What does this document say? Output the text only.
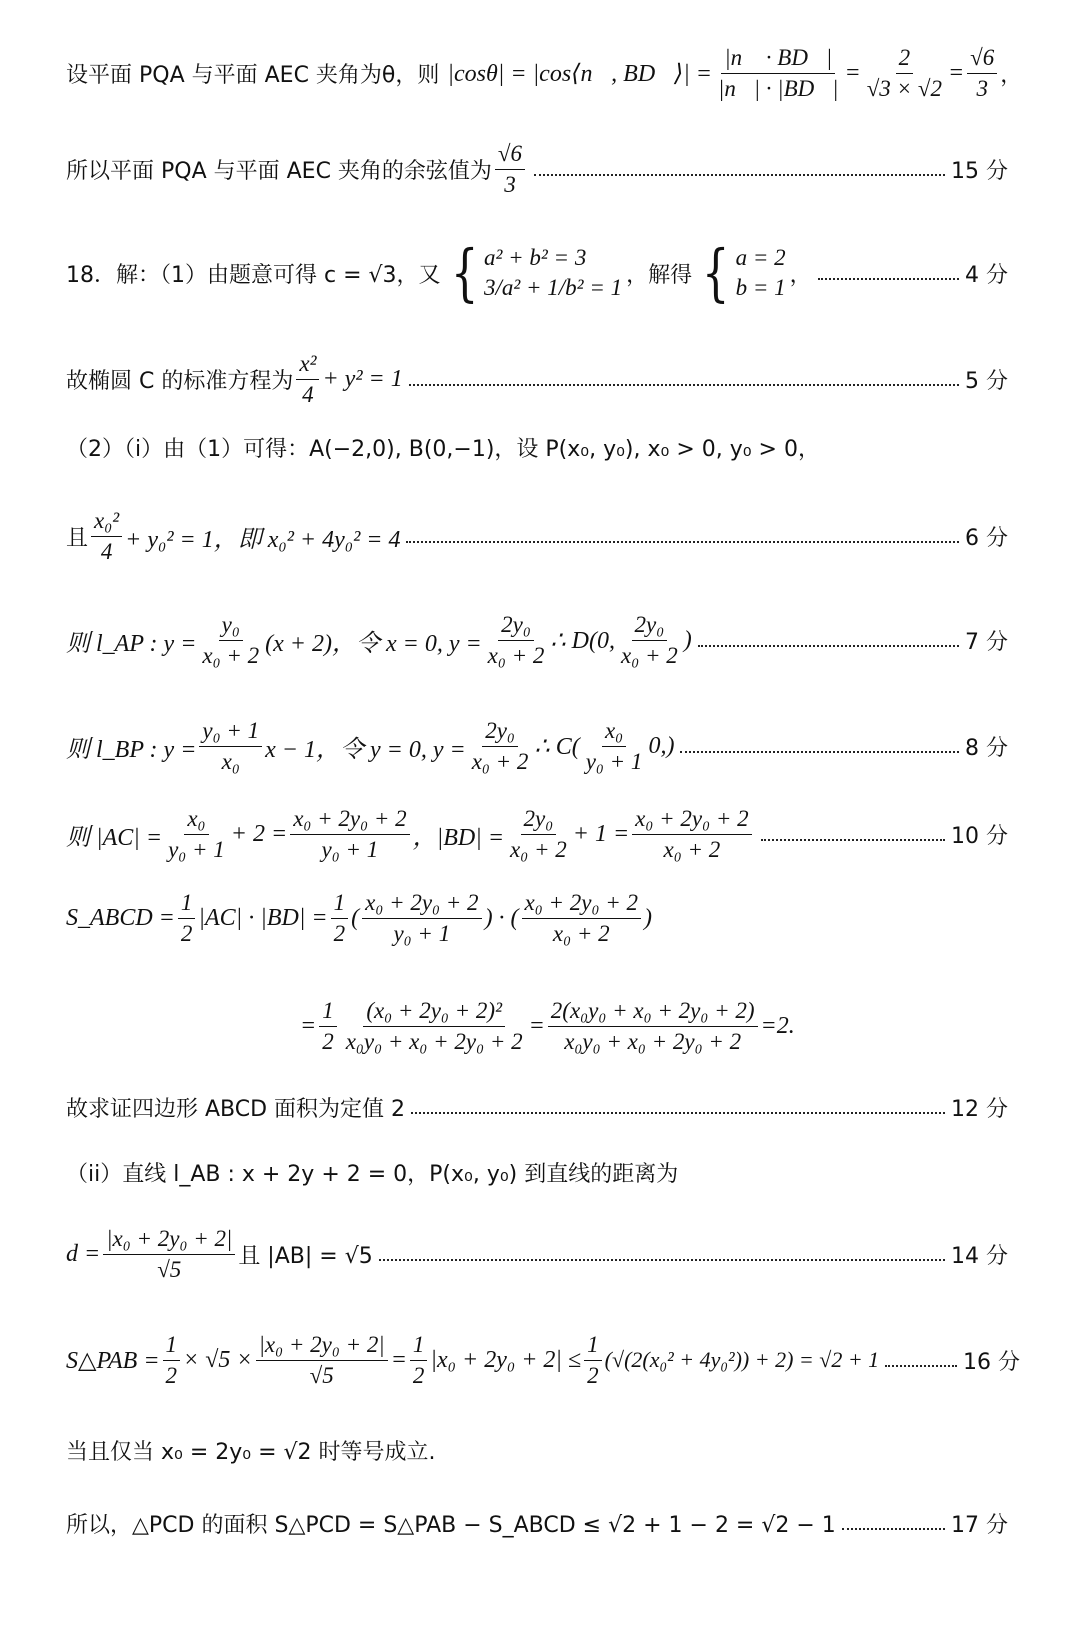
设平面 PQA 与平面 AEC 夹角为θ，则 |cosθ| = |cos⟨n⃗, BD⃗⟩| = $\frac{|n⃗ \cdot BD⃗|}{|n⃗| \cdot |BD⃗|} = \frac{2}{√3 \times √2} = \frac{√6}{3}$ ，
所以平面 PQA 与平面 AEC 夹角的余弦值为 $\frac{√6}{3}$	15 分
18．解：（1）由题意可得 c = √3，又 { a² + b² = 3
3/a² + 1/b² = 1 ，解得 { a = 2
b = 1 ，	4 分
故椭圆 C 的标准方程为 $\frac{\text{x²}}{4} + y^2 = 1$	5 分
（2）（i）由（1）可得：A(−2,0), B(0,−1)，设 P(x₀, y₀), x₀ > 0, y₀ > 0，
且 $\frac{\text{x₀²}}{4} + y_0^2 = 1$，即 x₀² + 4y₀² = 4	6 分
则 l_AP : $y = \frac{\text{y₀}}{\text{x₀ + 2}} (x + 2)$，令 x = 0, $y = \frac{\text{2y₀}}{\text{x₀ + 2}}$ ∴ D(0, $\frac{\text{2y₀}}{\text{x₀ + 2}}$ )	7 分
则 l_BP : $y = \frac{\text{y₀ + 1}}{\text{x₀}}$ x − 1，令 y = 0, $y = \frac{\text{2y₀}}{\text{x₀ + 2}}$ ∴ $C( \frac{\text{x₀}}{\text{y₀ + 1}} 0,)$	8 分
则 $|AC| = \frac{\text{x₀}}{\text{y₀ + 1}} + 2 = \frac{\text{x₀ + 2y₀ + 2}}{\text{y₀ + 1}}$ ，$|BD| = \frac{\text{2y₀}}{\text{x₀ + 2}} + 1 = \frac{\text{x₀ + 2y₀ + 2}}{\text{x₀ + 2}}$	10 分
S_ABCD = $\frac{1}{2} |AC| \cdot |BD| = \frac{1}{2}$ ( $\frac{\text{x₀ + 2y₀ + 2}}{\text{y₀ + 1}}$ ) · ( $\frac{\text{x₀ + 2y₀ + 2}}{\text{x₀ + 2}}$ )
= $\frac{1}{2} \frac{\text{(x₀ + 2y₀ + 2)²}}{\text{x₀y₀ + x₀ + 2y₀ + 2}} = \frac{\text{2(x₀y₀ + x₀ + 2y₀ + 2)}}{\text{x₀y₀ + x₀ + 2y₀ + 2}} =2$.
故求证四边形 ABCD 面积为定值 2	12 分
（ii）直线 l_AB : x + 2y + 2 = 0，P(x₀, y₀) 到直线的距离为
$d = \frac{\text{|x₀ + 2y₀ + 2|}}{√5}$ 且 |AB| = √5	14 分
S△PAB = $\frac{1}{2} \times √5 \times \frac{\text{|x₀ + 2y₀ + 2|}}{√5} = \frac{1}{2} |x_0 + 2y_0 + 2| \le \frac{1}{2} (√(2(x_0^2 + 4y_0^2)) + 2) = √2 + 1$	16 分
当且仅当 x₀ = 2y₀ = √2 时等号成立.
所以，△PCD 的面积 S△PCD = S△PAB − S_ABCD ≤ √2 + 1 − 2 = √2 − 1	17 分
